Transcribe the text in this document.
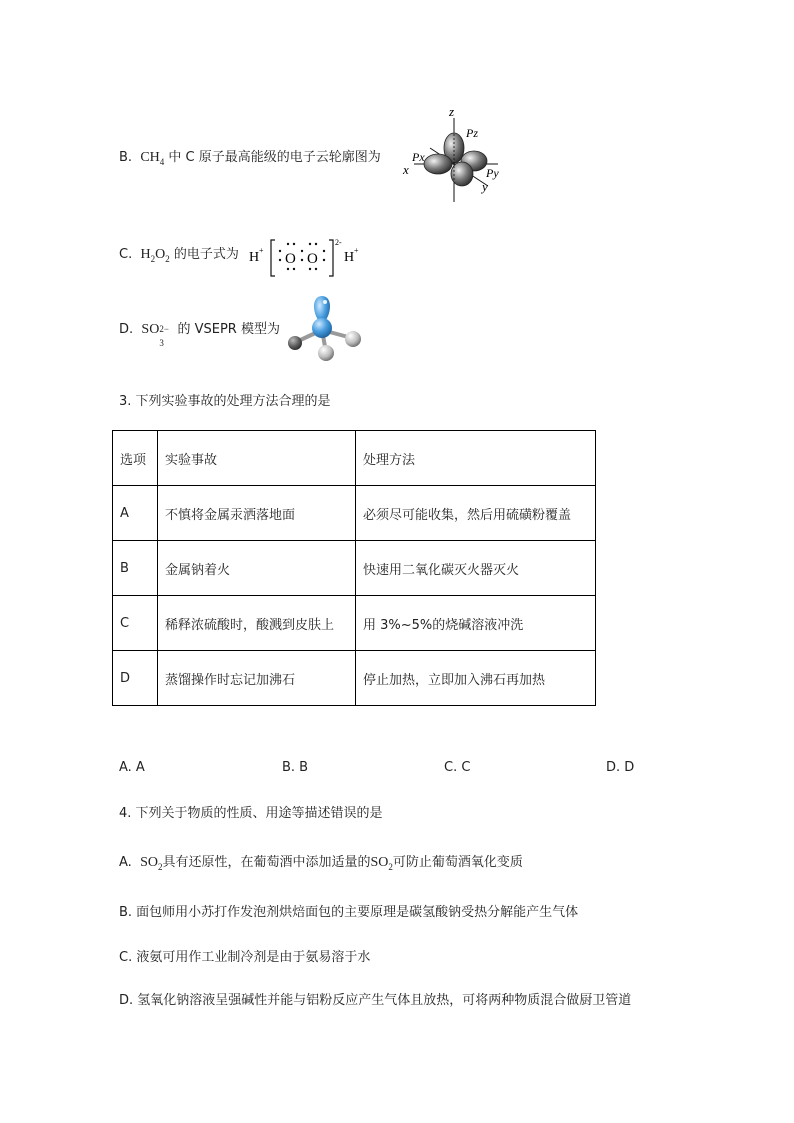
B. $CH_4$ 中 C 原子最高能级的电子云轮廓图为
z
Pz
Px
x	Py
y
C. $H_2O_2$ 的电子式为 H +
O O
2-
H +
D. SO 2−
3
的 VSEPR 模型为
3. 下列实验事故的处理方法合理的是
选项	实验事故	处理方法
A	不慎将金属汞洒落地面	必须尽可能收集，然后用硫磺粉覆盖
B	金属钠着火	快速用二氧化碳灭火器灭火
C	稀释浓硫酸时，酸溅到皮肤上	用 3%~5%的烧碱溶液冲洗
D	蒸馏操作时忘记加沸石	停止加热，立即加入沸石再加热
A. A	B. B	C. C	D. D
4. 下列关于物质的性质、用途等描述错误的是
A. $SO_2$具有还原性，在葡萄酒中添加适量的$SO_2$可防止葡萄酒氧化变质
B. 面包师用小苏打作发泡剂烘焙面包的主要原理是碳氢酸钠受热分解能产生气体
C. 液氨可用作工业制冷剂是由于氨易溶于水
D. 氢氧化钠溶液呈强碱性并能与铝粉反应产生气体且放热，可将两种物质混合做厨卫管道
